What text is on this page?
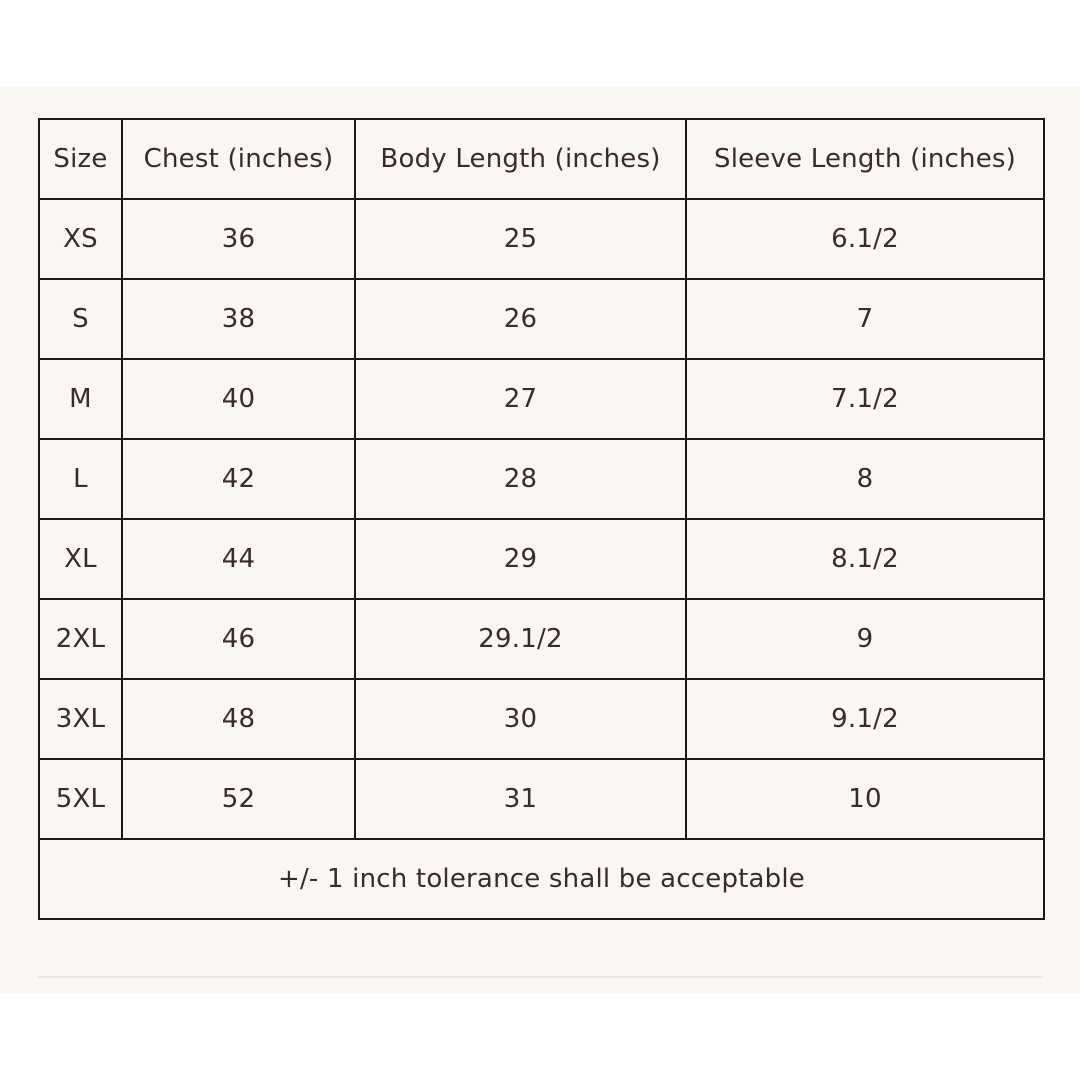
Size	Chest (inches)	Body Length (inches)	Sleeve Length (inches)
XS	36	25	6.1/2
S	38	26	7
M	40	27	7.1/2
L	42	28	8
XL	44	29	8.1/2
2XL	46	29.1/2	9
3XL	48	30	9.1/2
5XL	52	31	10
+/- 1 inch tolerance shall be acceptable			
